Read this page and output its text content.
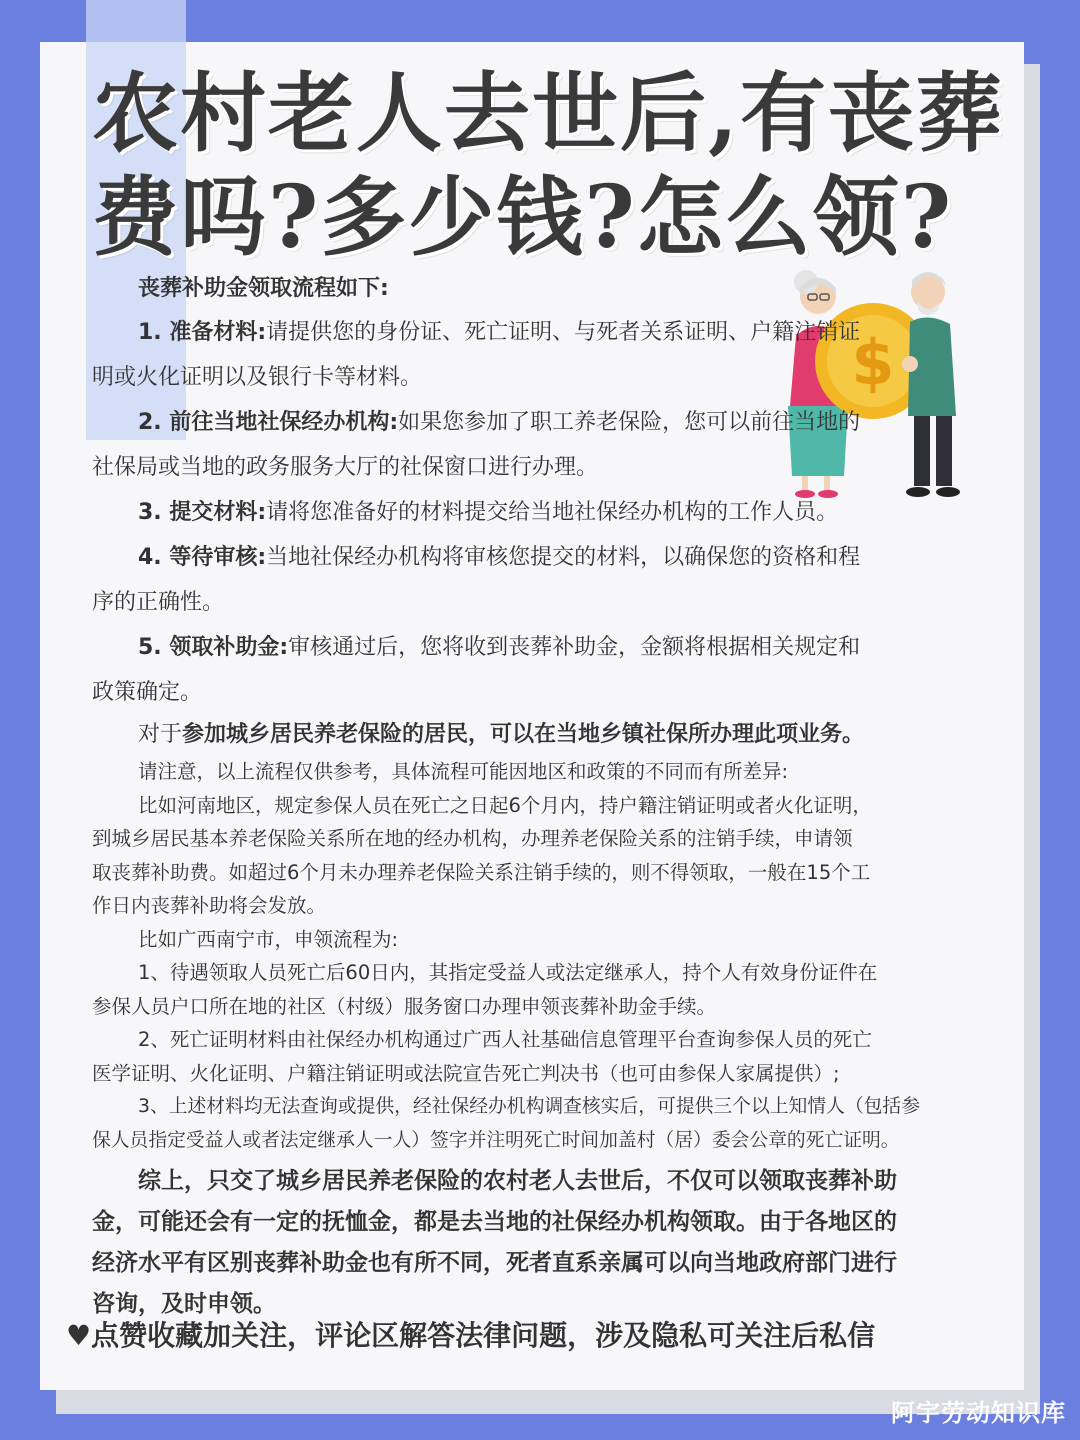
农村老人去世后,有丧葬
费吗?多少钱?怎么领?
$
丧葬补助金领取流程如下:
1. 准备材料:请提供您的身份证、死亡证明、与死者关系证明、户籍注销证
明或火化证明以及银行卡等材料。
2. 前往当地社保经办机构:如果您参加了职工养老保险，您可以前往当地的
社保局或当地的政务服务大厅的社保窗口进行办理。
3. 提交材料:请将您准备好的材料提交给当地社保经办机构的工作人员。
4. 等待审核:当地社保经办机构将审核您提交的材料，以确保您的资格和程
序的正确性。
5. 领取补助金:审核通过后，您将收到丧葬补助金，金额将根据相关规定和
政策确定。
对于参加城乡居民养老保险的居民，可以在当地乡镇社保所办理此项业务。
请注意，以上流程仅供参考，具体流程可能因地区和政策的不同而有所差异:
比如河南地区，规定参保人员在死亡之日起6个月内，持户籍注销证明或者火化证明，
到城乡居民基本养老保险关系所在地的经办机构，办理养老保险关系的注销手续，申请领
取丧葬补助费。如超过6个月未办理养老保险关系注销手续的，则不得领取，一般在15个工
作日内丧葬补助将会发放。
比如广西南宁市，申领流程为:
1、待遇领取人员死亡后60日内，其指定受益人或法定继承人，持个人有效身份证件在
参保人员户口所在地的社区（村级）服务窗口办理申领丧葬补助金手续。
2、死亡证明材料由社保经办机构通过广西人社基础信息管理平台查询参保人员的死亡
医学证明、火化证明、户籍注销证明或法院宣告死亡判决书（也可由参保人家属提供）;
3、上述材料均无法查询或提供，经社保经办机构调查核实后，可提供三个以上知情人（包括参
保人员指定受益人或者法定继承人一人）签字并注明死亡时间加盖村（居）委会公章的死亡证明。
综上，只交了城乡居民养老保险的农村老人去世后，不仅可以领取丧葬补助
金，可能还会有一定的抚恤金，都是去当地的社保经办机构领取。由于各地区的
经济水平有区别丧葬补助金也有所不同，死者直系亲属可以向当地政府部门进行
咨询，及时申领。
♥点赞收藏加关注，评论区解答法律问题，涉及隐私可关注后私信
阿宇劳动知识库
